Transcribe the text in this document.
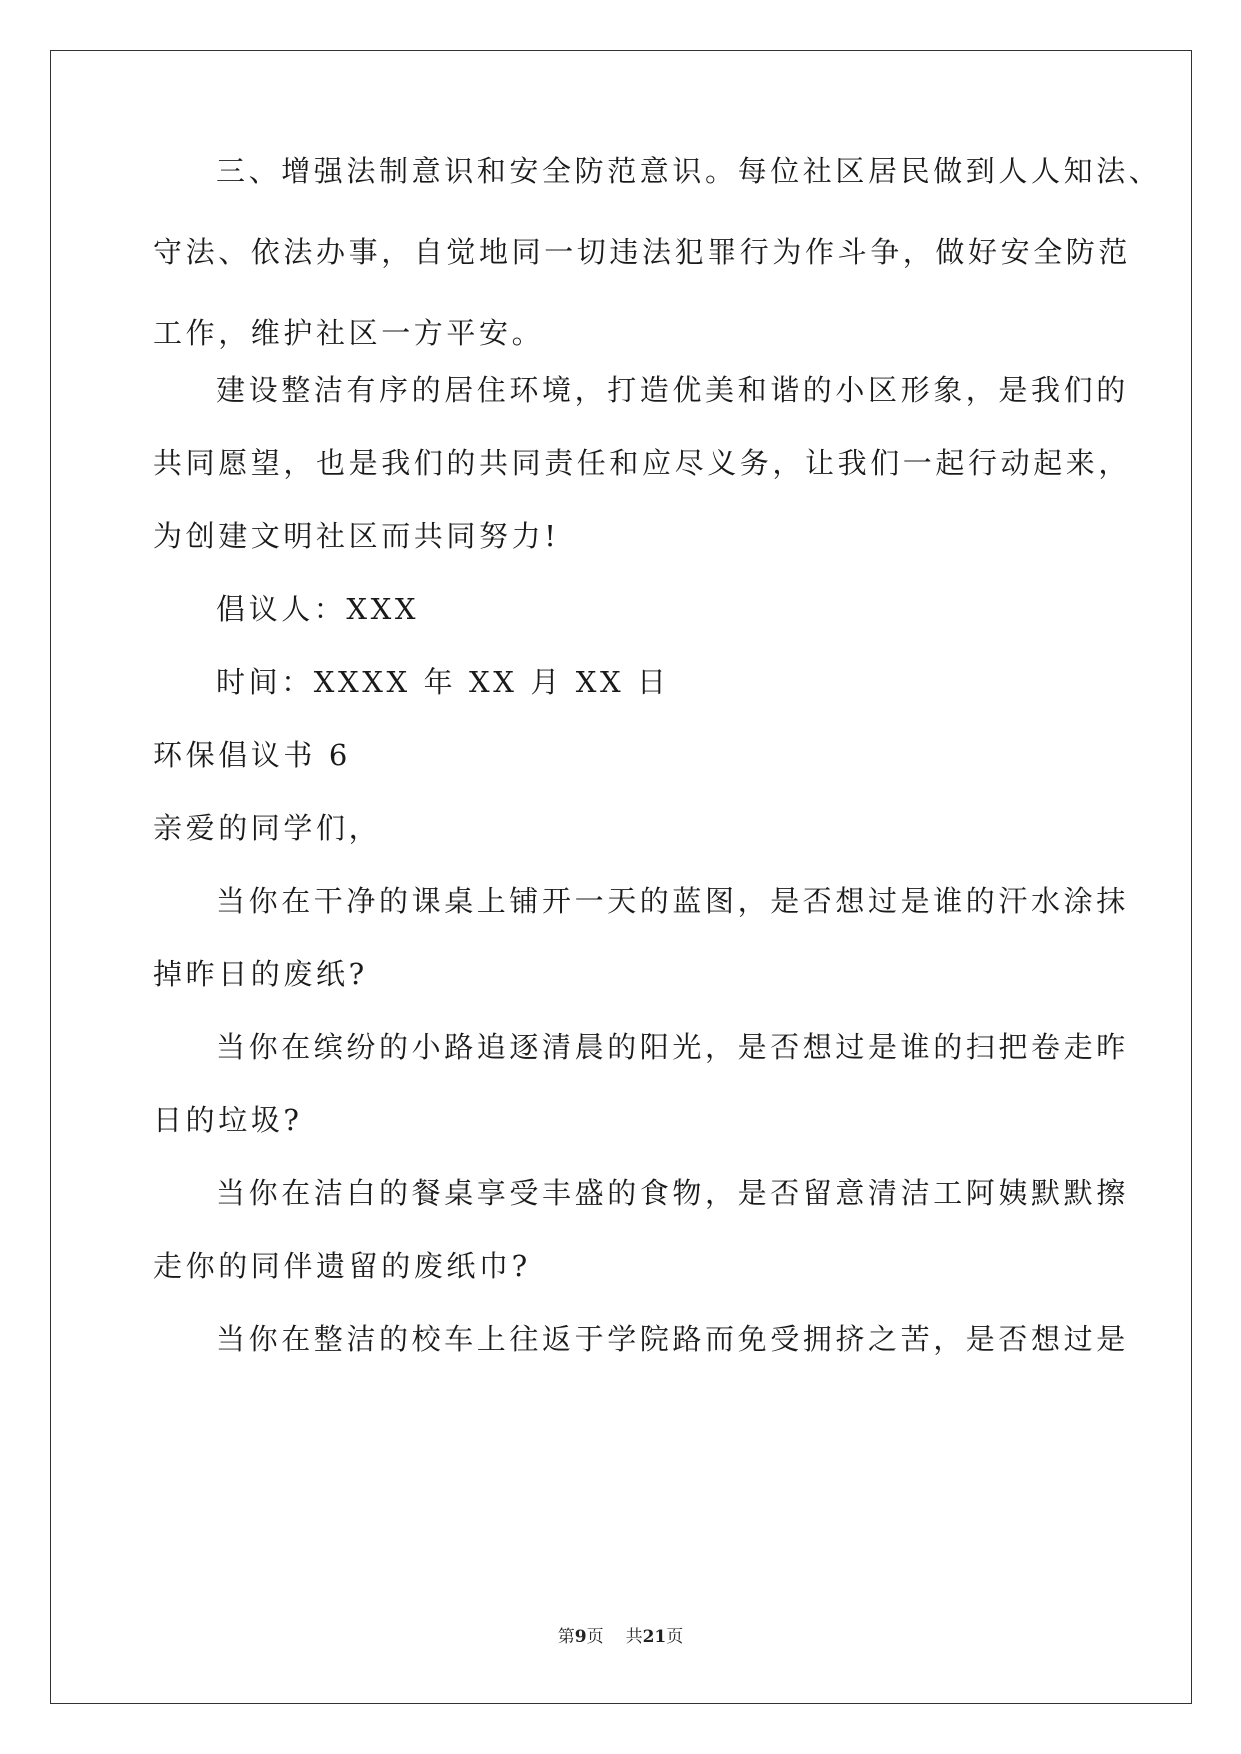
三、增强法制意识和安全防范意识。每位社区居民做到人人知法、
守法、依法办事，自觉地同一切违法犯罪行为作斗争，做好安全防范
工作，维护社区一方平安。
建设整洁有序的居住环境，打造优美和谐的小区形象，是我们的
共同愿望，也是我们的共同责任和应尽义务，让我们一起行动起来，
为创建文明社区而共同努力!
倡议人：XXX
时间：XXXX 年 XX 月 XX 日
环保倡议书 6
亲爱的同学们，
当你在干净的课桌上铺开一天的蓝图，是否想过是谁的汗水涂抹
掉昨日的废纸?
当你在缤纷的小路追逐清晨的阳光，是否想过是谁的扫把卷走昨
日的垃圾?
当你在洁白的餐桌享受丰盛的食物，是否留意清洁工阿姨默默擦
走你的同伴遗留的废纸巾?
当你在整洁的校车上往返于学院路而免受拥挤之苦，是否想过是
第9页 共21页
